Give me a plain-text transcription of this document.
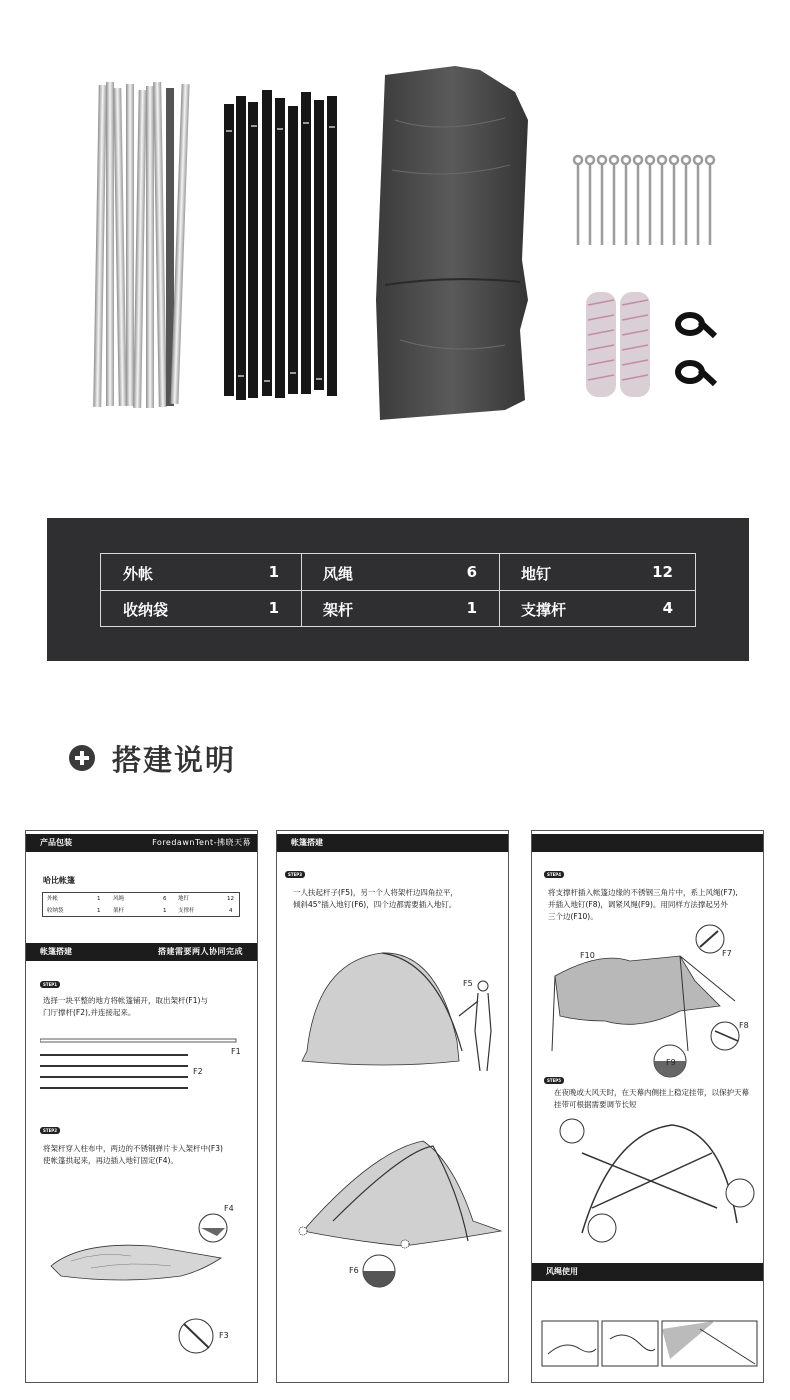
外帐	1	风绳	6	地钉	12
收纳袋	1	架杆	1	支撑杆	4
搭建说明
产品包装	ForedawnTent-拂晓天幕
哈比帐篷
帐篷搭建	搭建需要两人协同完成
STEP1
选择一块平整的地方将帐篷铺开，取出架杆(F1)与
门厅撑杆(F2),并连接起来。
F1
F2
STEP2
将架杆穿入柱布中，两边的不锈钢弹片卡入架杆中(F3)
使帐篷拱起来，再边插入地钉固定(F4)。
F4
F3
外帐	1 风绳	6 地钉	12
收纳袋	1 架杆	1 支撑杆	4
帐篷搭建
STEP3
一人扶起杆子(F5)，另一个人将架杆边四角拉平，
倾斜45°插入地钉(F6)，四个边都需要插入地钉。
F5
F6
STEP4
将支撑杆插入帐篷边缘的不锈钢三角片中，系上风绳(F7),
并插入地钉(F8)，调紧风绳(F9)。用同样方法撑起另外
三个边(F10)。
F10	F7
F8
F9
STEP5
在夜晚或大风天时，在天幕内侧挂上稳定挂带，以保护天幕
挂带可根据需要调节长短
风绳使用
